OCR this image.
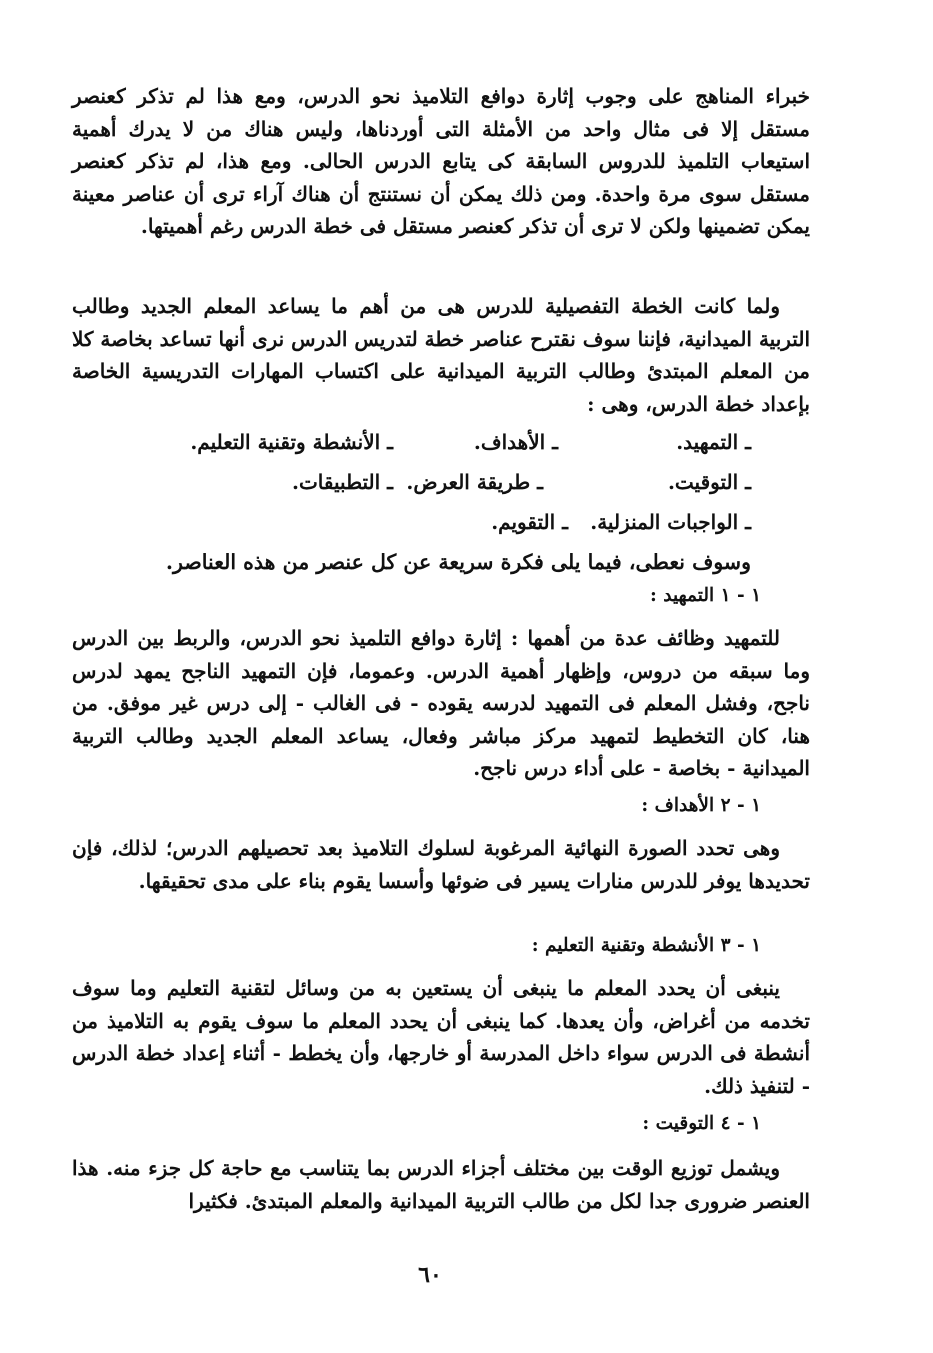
خبراء المناهج على وجوب إثارة دوافع التلاميذ نحو الدرس، ومع هذا لم تذكر كعنصر مستقل إلا فى مثال واحد من الأمثلة التى أوردناها، وليس هناك من لا يدرك أهمية استيعاب التلميذ للدروس السابقة كى يتابع الدرس الحالى. ومع هذا، لم تذكر كعنصر مستقل سوى مرة واحدة. ومن ذلك يمكن أن نستنتج أن هناك آراء ترى أن عناصر معينة يمكن تضمينها ولكن لا ترى أن تذكر كعنصر مستقل فى خطة الدرس رغم أهميتها.

ولما كانت الخطة التفصيلية للدرس هى من أهم ما يساعد المعلم الجديد وطالب التربية الميدانية، فإننا سوف نقترح عناصر خطة لتدريس الدرس نرى أنها تساعد بخاصة كلا من المعلم المبتدئ وطالب التربية الميدانية على اكتساب المهارات التدريسية الخاصة بإعداد خطة الدرس، وهى :

ـ التمهيد.
ـ الأهداف.
ـ الأنشطة وتقنية التعليم.
ـ التوقيت.
ـ طريقة العرض.
ـ التطبيقات.
ـ الواجبات المنزلية.
ـ التقويم.
وسوف نعطى، فيما يلى فكرة سريعة عن كل عنصر من هذه العناصر.
١ - ١ التمهيد :

للتمهيد وظائف عدة من أهمها : إثارة دوافع التلميذ نحو الدرس، والربط بين الدرس وما سبقه من دروس، وإظهار أهمية الدرس. وعموما، فإن التمهيد الناجح يمهد لدرس ناجح، وفشل المعلم فى التمهيد لدرسه يقوده - فى الغالب - إلى درس غير موفق. من هنا، كان التخطيط لتمهيد مركز مباشر وفعال، يساعد المعلم الجديد وطالب التربية الميدانية - بخاصة - على أداء درس ناجح.

١ - ٢ الأهداف :

وهى تحدد الصورة النهائية المرغوبة لسلوك التلاميذ بعد تحصيلهم الدرس؛ لذلك، فإن تحديدها يوفر للدرس منارات يسير فى ضوئها وأسسا يقوم بناء على مدى تحقيقها.

١ - ٣ الأنشطة وتقنية التعليم :

ينبغى أن يحدد المعلم ما ينبغى أن يستعين به من وسائل لتقنية التعليم وما سوف تخدمه من أغراض، وأن يعدها. كما ينبغى أن يحدد المعلم ما سوف يقوم به التلاميذ من أنشطة فى الدرس سواء داخل المدرسة أو خارجها، وأن يخطط - أثناء إعداد خطة الدرس - لتنفيذ ذلك.

١ - ٤ التوقيت :

ويشمل توزيع الوقت بين مختلف أجزاء الدرس بما يتناسب مع حاجة كل جزء منه. هذا العنصر ضرورى جدا لكل من طالب التربية الميدانية والمعلم المبتدئ. فكثيرا

٦٠
